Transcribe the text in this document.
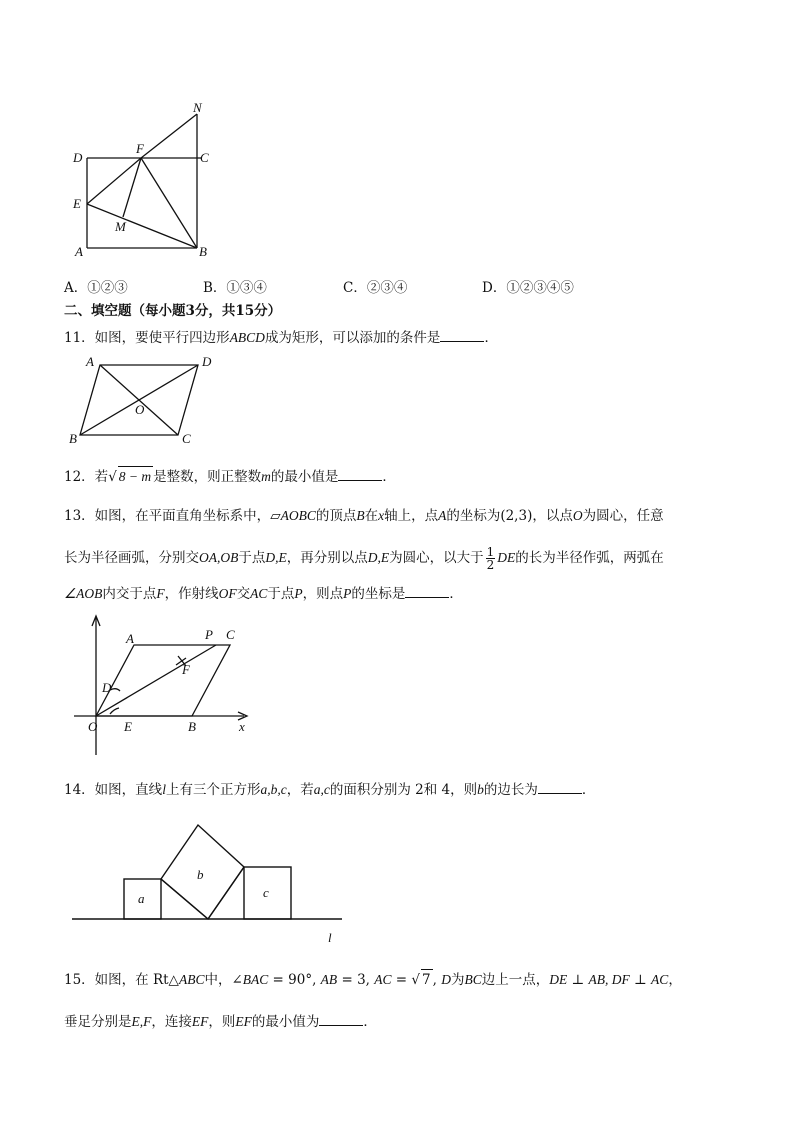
N
D
F
C
E
M
A	B
A．①②③	B．①③④	C．②③④	D．①②③④⑤
二、填空题（每小题3分，共15分）
11．如图，要使平行四边形ABCD成为矩形，可以添加的条件是	．
A	D
O
B	C
12．若√ 8 − m 是整数，则正整数m的最小值是	．
13．如图，在平面直角坐标系中，▱AOBC的顶点B在x轴上，点A的坐标为(2,3)，以点O为圆心，任意
长为半径画弧，分别交OA,OB于点D,E，再分别以点D,E为圆心，以大于 $\frac{1}{2}$ DE的长为半径作弧，两弧在
∠AOB内交于点F，作射线OF交AC于点P，则点P的坐标是	．
A	P C
F
D
O E	B	x
14．如图，直线l上有三个正方形a,b,c，若a,c的面积分别为 2和 4，则b的边长为	．
a
b
c
l
15．如图，在 Rt△ABC中，∠BAC = 90°, AB = 3, AC = √ 7 , D为BC边上一点，DE ⊥ AB, DF ⊥ AC，
垂足分别是E,F，连接EF，则EF的最小值为	．
